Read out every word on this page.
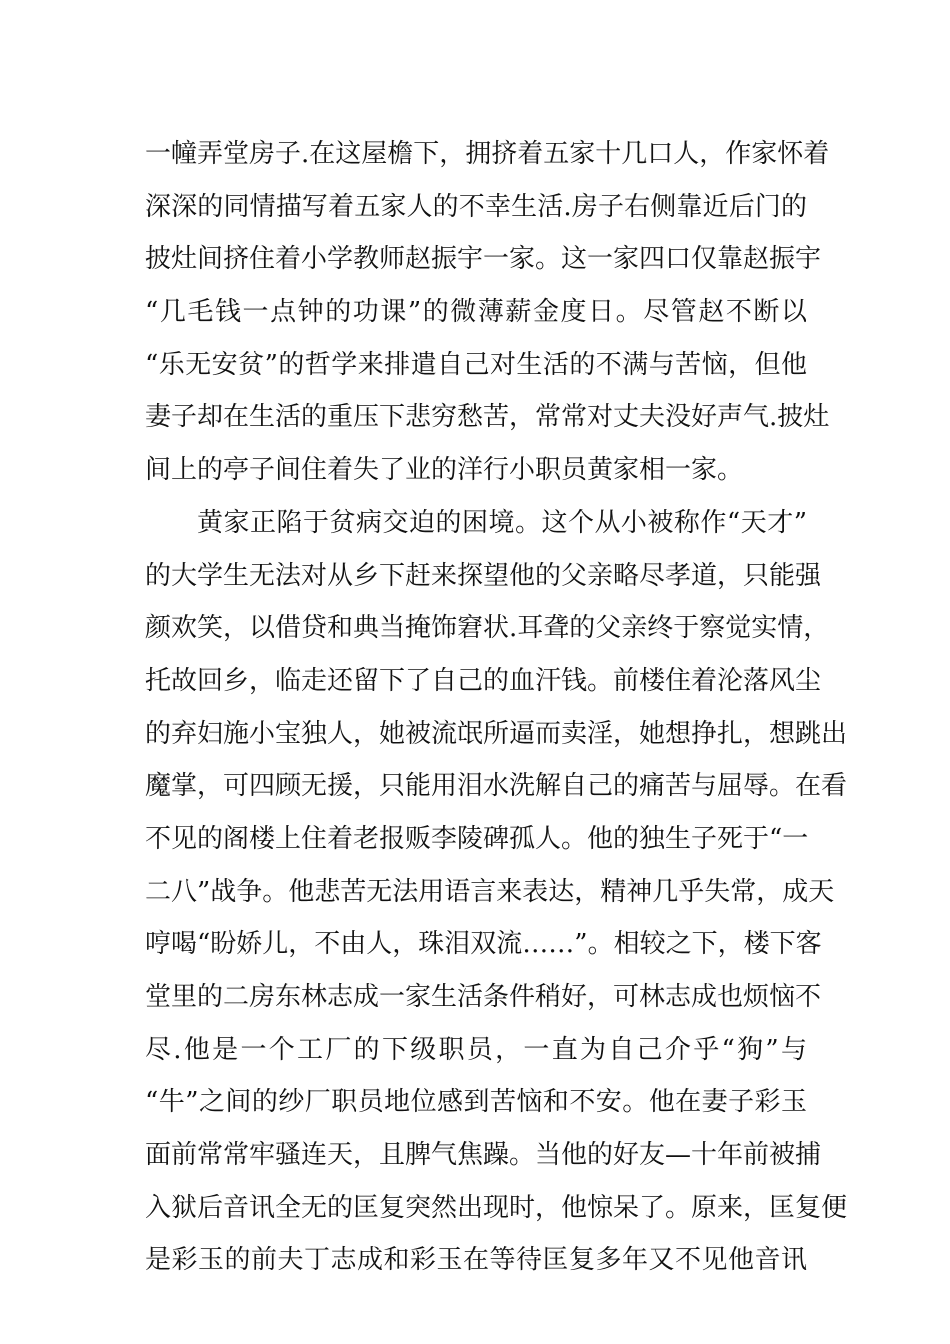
一幢弄堂房子.在这屋檐下，拥挤着五家十几口人，作家怀着
深深的同情描写着五家人的不幸生活.房子右侧靠近后门的
披灶间挤住着小学教师赵振宇一家。这一家四口仅靠赵振宇
“几毛钱一点钟的功课”的微薄薪金度日。尽管赵不断以
“乐无安贫”的哲学来排遣自己对生活的不满与苦恼，但他
妻子却在生活的重压下悲穷愁苦，常常对丈夫没好声气.披灶
间上的亭子间住着失了业的洋行小职员黄家相一家。
黄家正陷于贫病交迫的困境。这个从小被称作“天才”
的大学生无法对从乡下赶来探望他的父亲略尽孝道，只能强
颜欢笑，以借贷和典当掩饰窘状.耳聋的父亲终于察觉实情，
托故回乡，临走还留下了自己的血汗钱。前楼住着沦落风尘
的弃妇施小宝独人，她被流氓所逼而卖淫，她想挣扎，想跳出
魔掌，可四顾无援，只能用泪水洗解自己的痛苦与屈辱。在看
不见的阁楼上住着老报贩李陵碑孤人。他的独生子死于“一
二八”战争。他悲苦无法用语言来表达，精神几乎失常，成天
哼喝“盼娇儿，不由人，珠泪双流……”。相较之下，楼下客
堂里的二房东林志成一家生活条件稍好，可林志成也烦恼不
尽.他是一个工厂的下级职员，一直为自己介乎“狗”与
“牛”之间的纱厂职员地位感到苦恼和不安。他在妻子彩玉
面前常常牢骚连天，且脾气焦躁。当他的好友—十年前被捕
入狱后音讯全无的匡复突然出现时，他惊呆了。原来，匡复便
是彩玉的前夫丁志成和彩玉在等待匡复多年又不见他音讯
